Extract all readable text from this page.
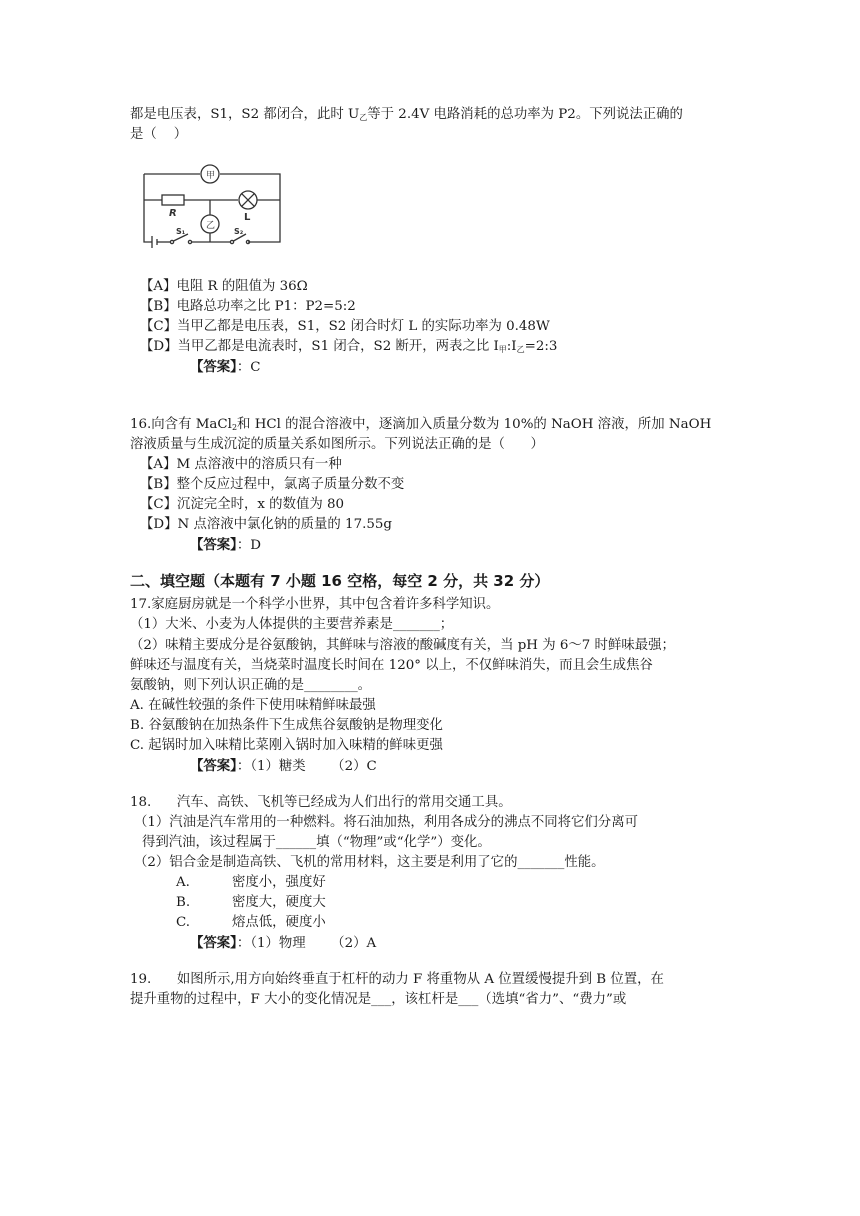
都是电压表，S1，S2 都闭合，此时 $U_乙$等于 2.4V 电路消耗的总功率为 P2。下列说法正确的
是（    ）
甲
乙
R	L
S₁	S₂
【A】电阻 R 的阻值为 36Ω
【B】电路总功率之比 P1：P2=5:2
【C】当甲乙都是电压表，S1，S2 闭合时灯 L 的实际功率为 0.48W
【D】当甲乙都是电流表时，S1 闭合，S2 断开，两表之比 $I_甲:I_乙=2:3$
【答案】：C
16.向含有 MaCl$_2$和 HCl 的混合溶液中，逐滴加入质量分数为 10%的 NaOH 溶液，所加 NaOH
溶液质量与生成沉淀的质量关系如图所示。下列说法正确的是（      ）
【A】M 点溶液中的溶质只有一种
【B】整个反应过程中，氯离子质量分数不变
【C】沉淀完全时，x 的数值为 80
【D】N 点溶液中氯化钠的质量的 17.55g
【答案】：D
二、填空题（本题有 7 小题 16 空格，每空 2 分，共 32 分）
17.家庭厨房就是一个科学小世界，其中包含着许多科学知识。
（1）大米、小麦为人体提供的主要营养素是_______；
（2）味精主要成分是谷氨酸钠，其鲜味与溶液的酸碱度有关，当 pH 为 6～7 时鲜味最强；
鲜味还与温度有关，当烧菜时温度长时间在 120° 以上，不仅鲜味消失，而且会生成焦谷
氨酸钠，则下列认识正确的是________。
A. 在碱性较强的条件下使用味精鲜味最强
B. 谷氨酸钠在加热条件下生成焦谷氨酸钠是物理变化
C. 起锅时加入味精比菜刚入锅时加入味精的鲜味更强
【答案】：（1）糖类      （2）C
18.      汽车、高铁、飞机等已经成为人们出行的常用交通工具。
（1）汽油是汽车常用的一种燃料。将石油加热，利用各成分的沸点不同将它们分离可
得到汽油，该过程属于______填（“物理”或“化学”）变化。
（2）铝合金是制造高铁、飞机的常用材料，这主要是利用了它的_______性能。
A.	密度小，强度好
B.	密度大，硬度大
C.	熔点低，硬度小
【答案】：（1）物理      （2）A
19.      如图所示,用方向始终垂直于杠杆的动力 F 将重物从 A 位置缓慢提升到 B 位置，在
提升重物的过程中，F 大小的变化情况是___，该杠杆是___（选填“省力”、“费力”或
